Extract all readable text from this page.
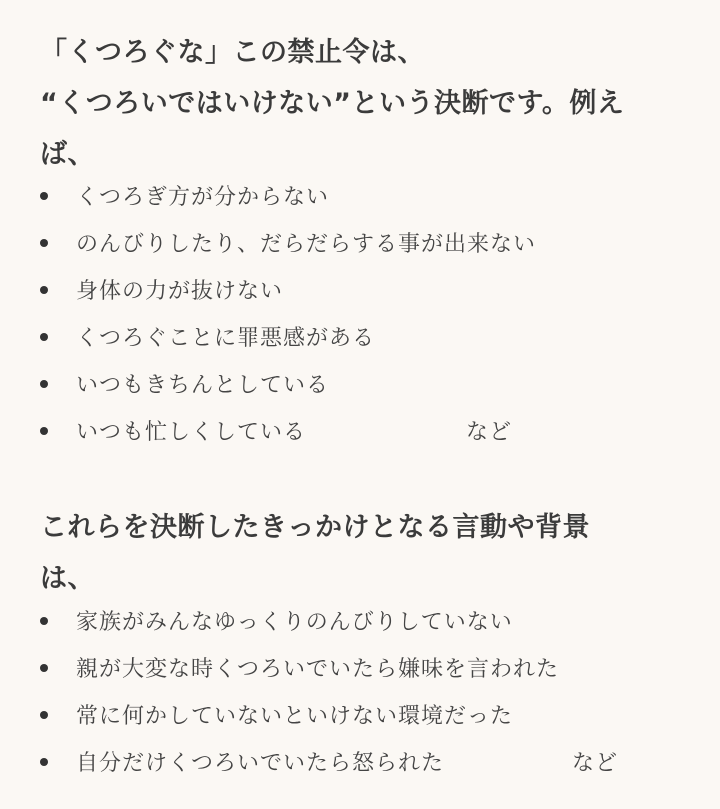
「くつろぐな」この禁止令は、
“くつろいではいけない”という決断です。例え
ば、
くつろぎ方が分からない
のんびりしたり、だらだらする事が出来ない
身体の力が抜けない
くつろぐことに罪悪感がある
いつもきちんとしている
いつも忙しくしている	など
これらを決断したきっかけとなる言動や背景
は、
家族がみんなゆっくりのんびりしていない
親が大変な時くつろいでいたら嫌味を言われた
常に何かしていないといけない環境だった
自分だけくつろいでいたら怒られた	など
